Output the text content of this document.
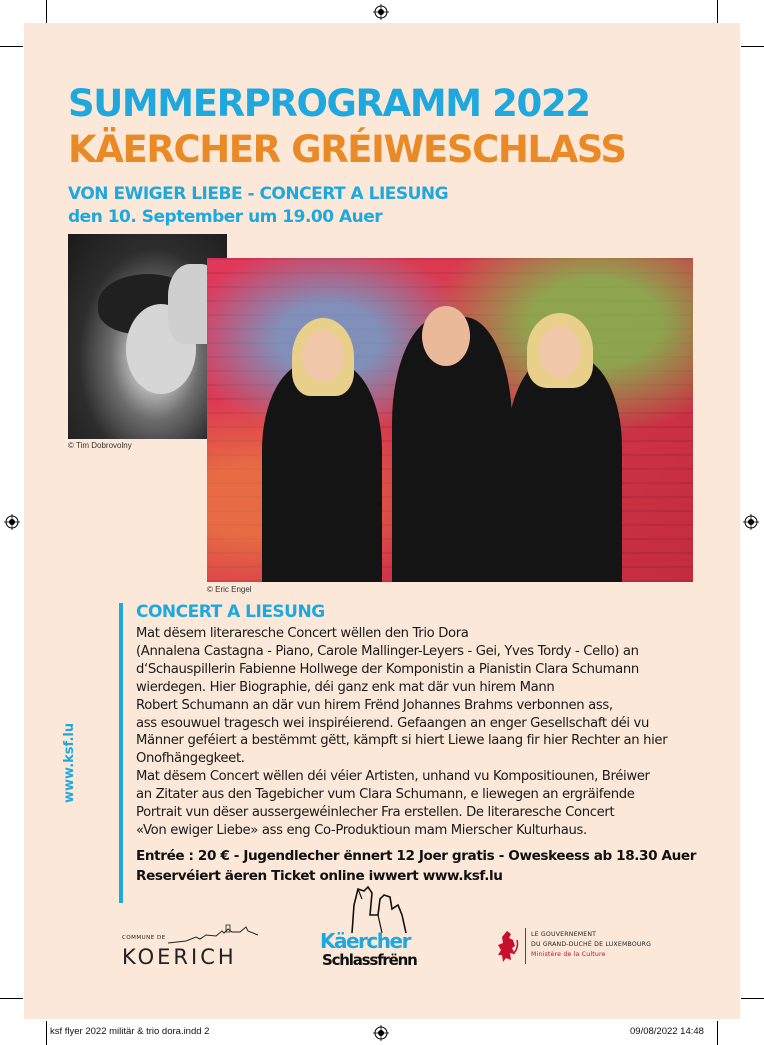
SUMMERPROGRAMM 2022
KÄERCHER GRÉIWESCHLASS
VON EWIGER LIEBE - CONCERT A LIESUNG
den 10. September um 19.00 Auer
© Tim Dobrovolny
© Eric Engel
CONCERT A LIESUNG
Mat dësem literaresche Concert wëllen den Trio Dora
(Annalena Castagna - Piano, Carole Mallinger-Leyers - Gei, Yves Tordy - Cello) an
d‘Schauspillerin Fabienne Hollwege der Komponistin a Pianistin Clara Schumann
wierdegen. Hier Biographie, déi ganz enk mat där vun hirem Mann
Robert Schumann an där vun hirem Frënd Johannes Brahms verbonnen ass,
ass esouwuel tragesch wei inspiréierend. Gefaangen an enger Gesellschaft déi vu
Männer geféiert a bestëmmt gëtt, kämpft si hiert Liewe laang fir hier Rechter an hier
Onofhängegkeet.
Mat dësem Concert wëllen déi véier Artisten, unhand vu Kompositiounen, Bréiwer
an Zitater aus den Tagebicher vum Clara Schumann, e liewegen an ergräifende
Portrait vun dëser aussergewéinlecher Fra erstellen. De literaresche Concert
«Von ewiger Liebe» ass eng Co-Produktioun mam Mierscher Kulturhaus.
Entrée : 20 € - Jugendlecher ënnert 12 Joer gratis - Oweskeess ab 18.30 Auer
Reservéiert äeren Ticket online iwwert www.ksf.lu
www.ksf.lu
COMMUNE DE
KOERICH
Käercher
Schlassfrënn
LE GOUVERNEMENT
DU GRAND-DUCHÉ DE LUXEMBOURG
Ministère de la Culture
ksf flyer 2022 militär & trio dora.indd 2	09/08/2022 14:48
